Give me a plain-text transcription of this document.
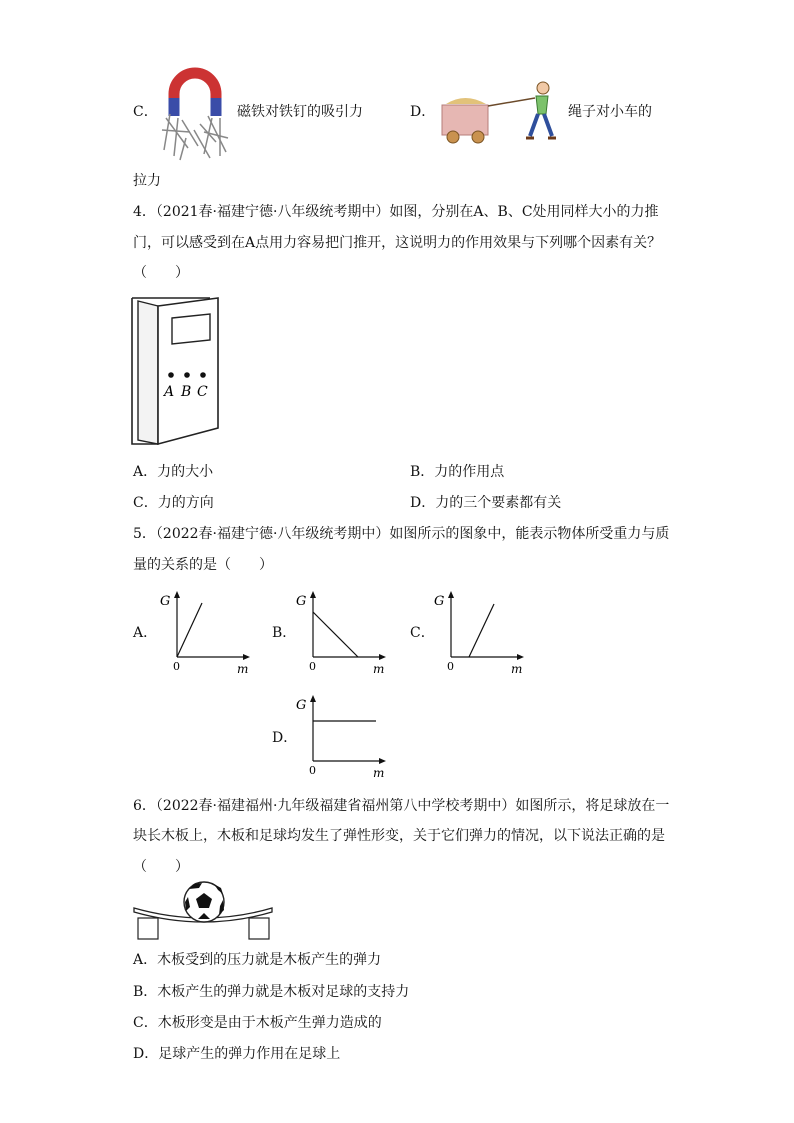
C．	磁铁对铁钉的吸引力	D．	绳子对小车的
拉力
4．（2021春·福建宁德·八年级统考期中）如图，分别在A、B、C处用同样大小的力推
门，可以感受到在A点用力容易把门推开，这说明力的作用效果与下列哪个因素有关？
（　　）
A B C
A．力的大小	B．力的作用点
C．力的方向	D．力的三个要素都有关
5．（2022春·福建宁德·八年级统考期中）如图所示的图象中，能表示物体所受重力与质
量的关系的是（　　）
A．
G
0	m
B．
G
0	m
C．
G
0	m
D．
G
0	m
6．（2022春·福建福州·九年级福建省福州第八中学校考期中）如图所示，将足球放在一
块长木板上，木板和足球均发生了弹性形变，关于它们弹力的情况，以下说法正确的是
（　　）
A．木板受到的压力就是木板产生的弹力
B．木板产生的弹力就是木板对足球的支持力
C．木板形变是由于木板产生弹力造成的
D．足球产生的弹力作用在足球上
